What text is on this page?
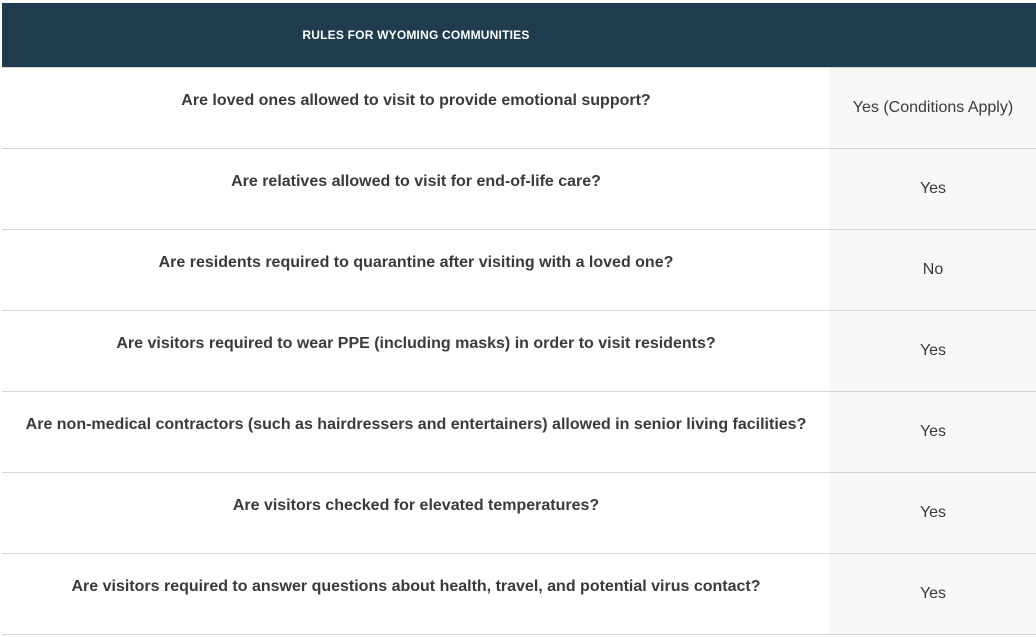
RULES FOR WYOMING COMMUNITIES
Are loved ones allowed to visit to provide emotional support?	Yes (Conditions Apply)
Are relatives allowed to visit for end-of-life care?	Yes
Are residents required to quarantine after visiting with a loved one?	No
Are visitors required to wear PPE (including masks) in order to visit residents?	Yes
Are non-medical contractors (such as hairdressers and entertainers) allowed in senior living facilities?	Yes
Are visitors checked for elevated temperatures?	Yes
Are visitors required to answer questions about health, travel, and potential virus contact?	Yes
